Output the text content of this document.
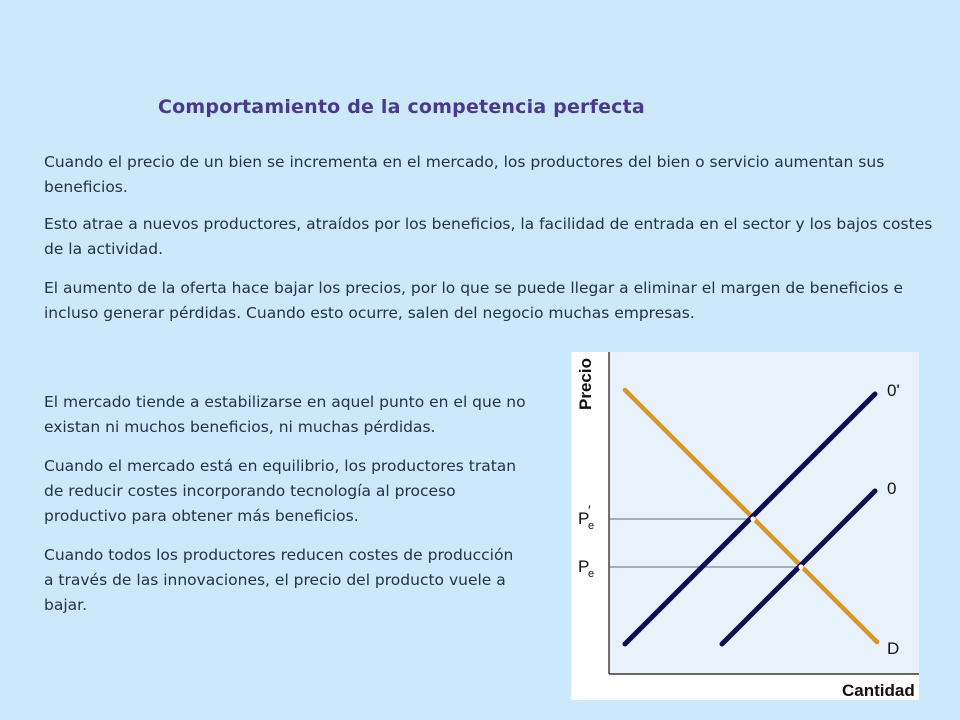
Comportamiento de la competencia perfecta

Cuando el precio de un bien se incrementa en el mercado, los productores del bien o servicio aumentan sus beneficios.

Esto atrae a nuevos productores, atraídos por los beneficios, la facilidad de entrada en el sector y los bajos costes de la actividad.

El aumento de la oferta hace bajar los precios, por lo que se puede llegar a eliminar el margen de beneficios e incluso generar pérdidas. Cuando esto ocurre, salen del negocio muchas empresas.

El mercado tiende a estabilizarse en aquel punto en el que no existan ni muchos beneficios, ni muchas pérdidas.

Cuando el mercado está en equilibrio, los productores tratan de reducir costes incorporando tecnología al proceso productivo para obtener más beneficios.

Cuando todos los productores reducen costes de producción a través de las innovaciones, el precio del producto vuele a bajar.

Precio
Cantidad
0'
0
D
P
′
e
P
e
